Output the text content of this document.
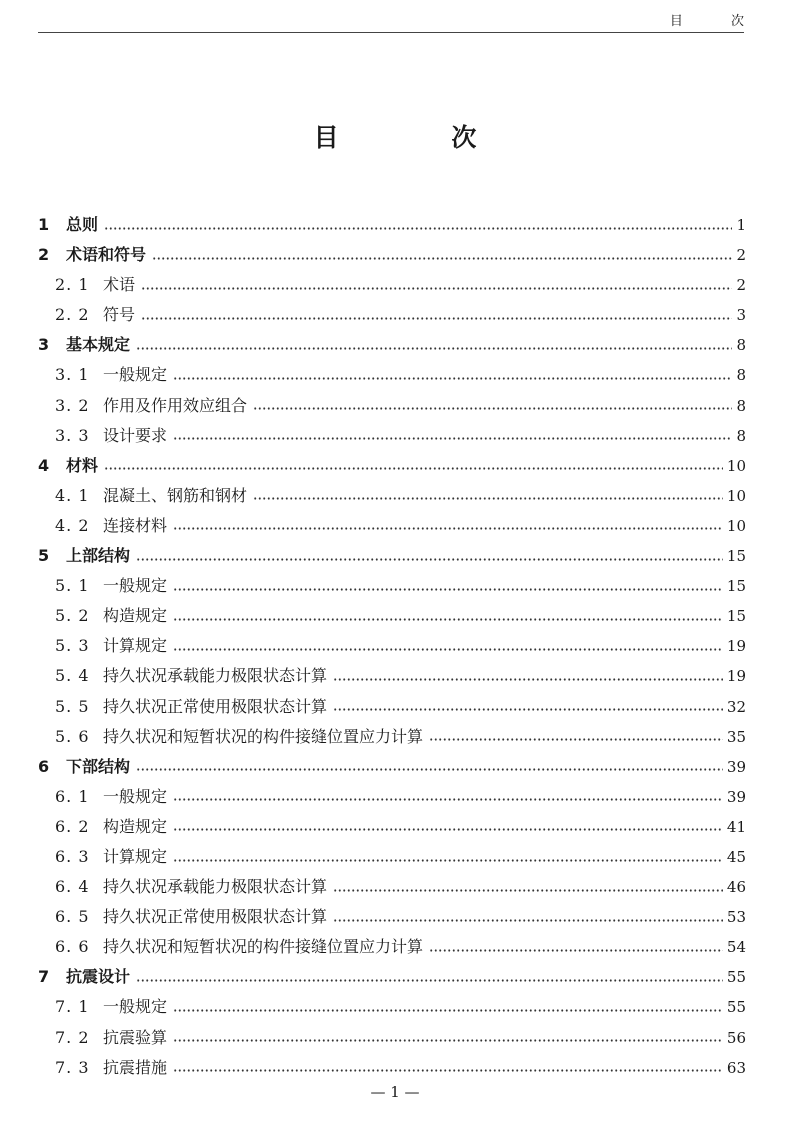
目 次
目 次
1	总则	1
2	术语和符号	2
2. 1 术语	2
2. 2 符号	3
3	基本规定	8
3. 1 一般规定	8
3. 2 作用及作用效应组合	8
3. 3 设计要求	8
4	材料	10
4. 1 混凝土、钢筋和钢材	10
4. 2 连接材料	10
5	上部结构	15
5. 1 一般规定	15
5. 2 构造规定	15
5. 3 计算规定	19
5. 4 持久状况承载能力极限状态计算	19
5. 5 持久状况正常使用极限状态计算	32
5. 6 持久状况和短暂状况的构件接缝位置应力计算	35
6	下部结构	39
6. 1 一般规定	39
6. 2 构造规定	41
6. 3 计算规定	45
6. 4 持久状况承载能力极限状态计算	46
6. 5 持久状况正常使用极限状态计算	53
6. 6 持久状况和短暂状况的构件接缝位置应力计算	54
7	抗震设计	55
7. 1 一般规定	55
7. 2 抗震验算	56
7. 3 抗震措施	63
— 1 —
